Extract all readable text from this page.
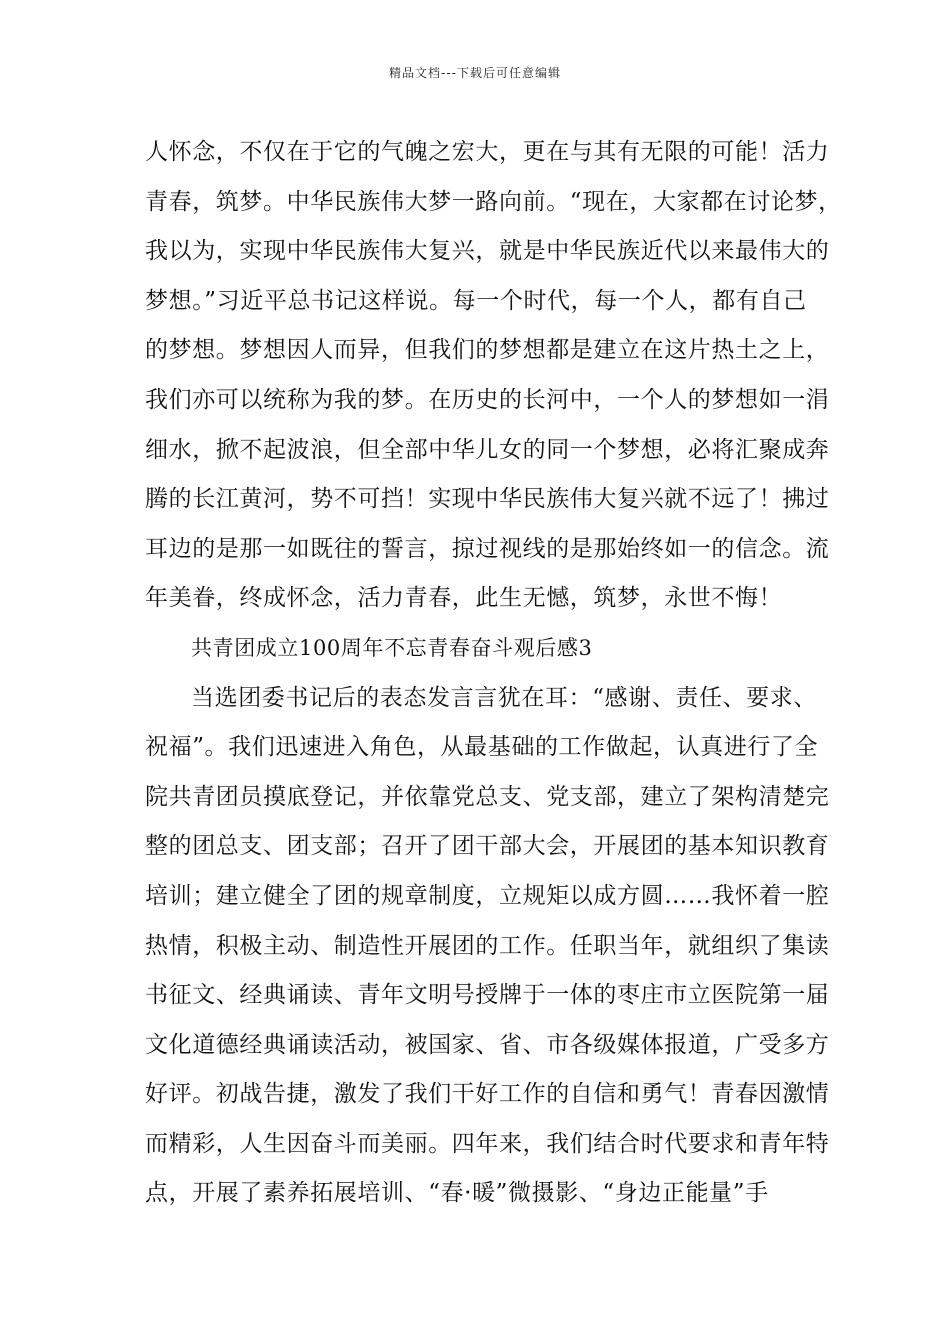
精品文档---下载后可任意编辑
人怀念，不仅在于它的气魄之宏大，更在与其有无限的可能！活力
青春，筑梦。中华民族伟大梦一路向前。“现在，大家都在讨论梦，
我以为，实现中华民族伟大复兴，就是中华民族近代以来最伟大的
梦想。”习近平总书记这样说。每一个时代，每一个人，都有自己
的梦想。梦想因人而异，但我们的梦想都是建立在这片热土之上，
我们亦可以统称为我的梦。在历史的长河中，一个人的梦想如一涓
细水，掀不起波浪，但全部中华儿女的同一个梦想，必将汇聚成奔
腾的长江黄河，势不可挡！实现中华民族伟大复兴就不远了！拂过
耳边的是那一如既往的誓言，掠过视线的是那始终如一的信念。流
年美眷，终成怀念，活力青春，此生无憾，筑梦，永世不悔！
共青团成立100周年不忘青春奋斗观后感3
当选团委书记后的表态发言言犹在耳：“感谢、责任、要求、
祝福”。我们迅速进入角色，从最基础的工作做起，认真进行了全
院共青团员摸底登记，并依靠党总支、党支部，建立了架构清楚完
整的团总支、团支部；召开了团干部大会，开展团的基本知识教育
培训；建立健全了团的规章制度，立规矩以成方圆……我怀着一腔
热情，积极主动、制造性开展团的工作。任职当年，就组织了集读
书征文、经典诵读、青年文明号授牌于一体的枣庄市立医院第一届
文化道德经典诵读活动，被国家、省、市各级媒体报道，广受多方
好评。初战告捷，激发了我们干好工作的自信和勇气！青春因激情
而精彩，人生因奋斗而美丽。四年来，我们结合时代要求和青年特
点，开展了素养拓展培训、“春·暖”微摄影、“身边正能量”手
